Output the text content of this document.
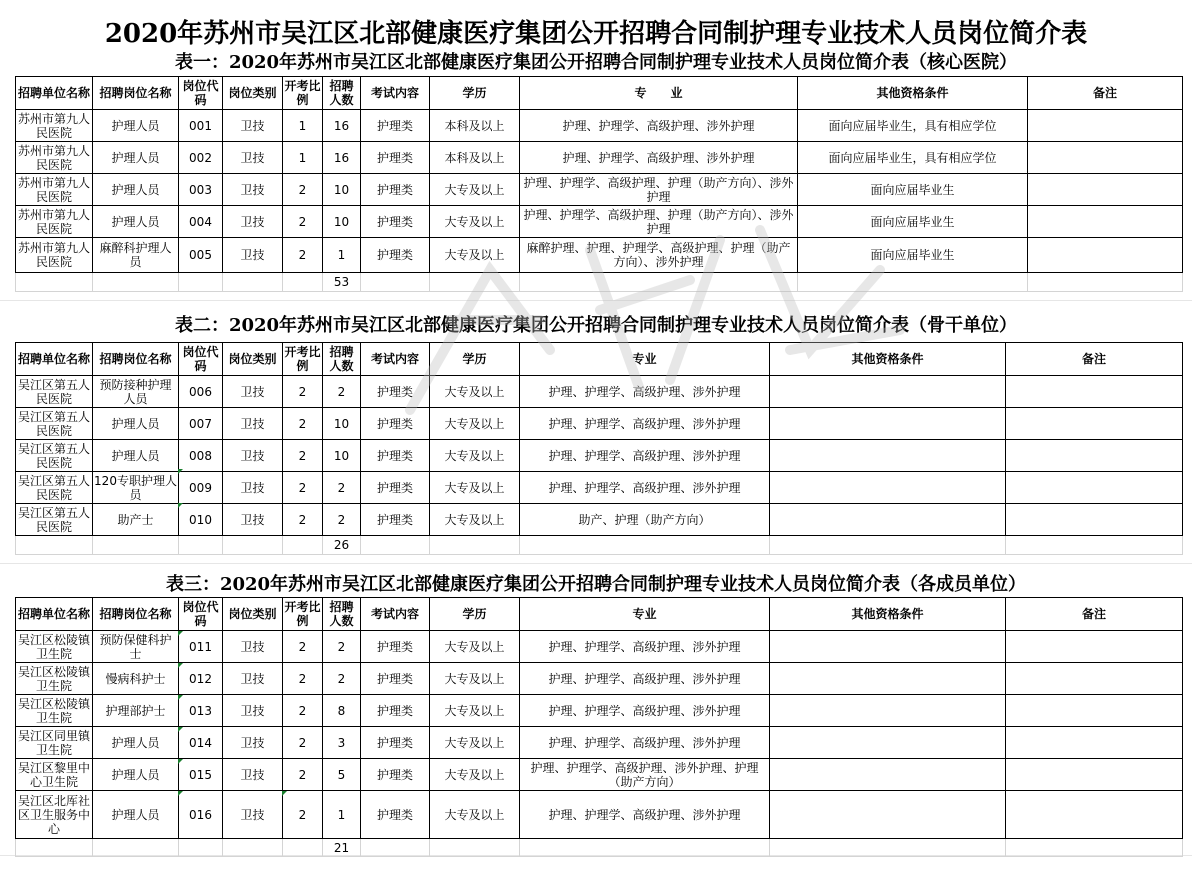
2020年苏州市吴江区北部健康医疗集团公开招聘合同制护理专业技术人员岗位简介表
表一：2020年苏州市吴江区北部健康医疗集团公开招聘合同制护理专业技术人员岗位简介表（核心医院）
招聘单位名称	招聘岗位名称	岗位代码	岗位类别	开考比例	招聘人数	考试内容	学历	专　　业	其他资格条件	备注
苏州市第九人民医院	护理人员	001	卫技	1	16	护理类	本科及以上	护理、护理学、高级护理、涉外护理	面向应届毕业生，具有相应学位	
苏州市第九人民医院	护理人员	002	卫技	1	16	护理类	本科及以上	护理、护理学、高级护理、涉外护理	面向应届毕业生，具有相应学位	
苏州市第九人民医院	护理人员	003	卫技	2	10	护理类	大专及以上	护理、护理学、高级护理、护理（助产方向）、涉外护理	面向应届毕业生	
苏州市第九人民医院	护理人员	004	卫技	2	10	护理类	大专及以上	护理、护理学、高级护理、护理（助产方向）、涉外护理	面向应届毕业生	
苏州市第九人民医院	麻醉科护理人员	005	卫技	2	1	护理类	大专及以上	麻醉护理、护理、护理学、高级护理、护理（助产方向）、涉外护理	面向应届毕业生	
					53					
表二：2020年苏州市吴江区北部健康医疗集团公开招聘合同制护理专业技术人员岗位简介表（骨干单位）
招聘单位名称	招聘岗位名称	岗位代码	岗位类别	开考比例	招聘人数	考试内容	学历	专业	其他资格条件	备注
吴江区第五人民医院	预防接种护理人员	006	卫技	2	2	护理类	大专及以上	护理、护理学、高级护理、涉外护理		
吴江区第五人民医院	护理人员	007	卫技	2	10	护理类	大专及以上	护理、护理学、高级护理、涉外护理		
吴江区第五人民医院	护理人员	008	卫技	2	10	护理类	大专及以上	护理、护理学、高级护理、涉外护理		
吴江区第五人民医院	120专职护理人员	009	卫技	2	2	护理类	大专及以上	护理、护理学、高级护理、涉外护理		
吴江区第五人民医院	助产士	010	卫技	2	2	护理类	大专及以上	助产、护理（助产方向）		
					26					
表三：2020年苏州市吴江区北部健康医疗集团公开招聘合同制护理专业技术人员岗位简介表（各成员单位）
招聘单位名称	招聘岗位名称	岗位代码	岗位类别	开考比例	招聘人数	考试内容	学历	专业	其他资格条件	备注
吴江区松陵镇卫生院	预防保健科护士	011	卫技	2	2	护理类	大专及以上	护理、护理学、高级护理、涉外护理		
吴江区松陵镇卫生院	慢病科护士	012	卫技	2	2	护理类	大专及以上	护理、护理学、高级护理、涉外护理		
吴江区松陵镇卫生院	护理部护士	013	卫技	2	8	护理类	大专及以上	护理、护理学、高级护理、涉外护理		
吴江区同里镇卫生院	护理人员	014	卫技	2	3	护理类	大专及以上	护理、护理学、高级护理、涉外护理		
吴江区黎里中心卫生院	护理人员	015	卫技	2	5	护理类	大专及以上	护理、护理学、高级护理、涉外护理、护理（助产方向）		
吴江区北厍社区卫生服务中心	护理人员	016	卫技	2	1	护理类	大专及以上	护理、护理学、高级护理、涉外护理		
					21					
